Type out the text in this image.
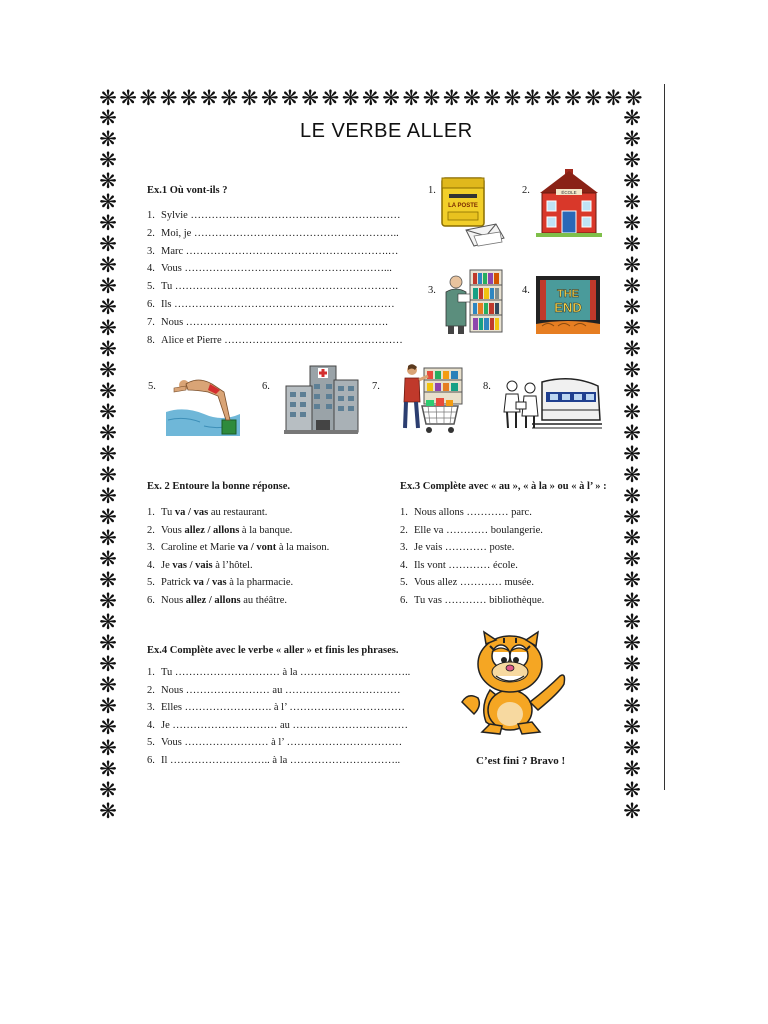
❋ ❋ ❋ ❋ ❋ ❋ ❋ ❋ ❋ ❋ ❋ ❋ ❋ ❋ ❋ ❋ ❋ ❋ ❋ ❋ ❋ ❋ ❋ ❋ ❋ ❋ ❋
❋
❋
❋
❋
❋
❋
❋
❋
❋
❋
❋
❋
❋
❋
❋
❋
❋
❋
❋
❋
❋
❋
❋
❋
❋
❋
❋
❋
❋
❋
❋
❋
❋
❋
❋
❋
❋
❋
❋
❋
❋
❋
❋
❋
❋
❋
❋
❋
❋
❋
❋
❋
❋
❋
❋
❋
❋
❋
❋
❋
❋
❋
❋
❋
❋
❋
❋
❋
LE VERBE ALLER
Ex.1 Où vont-ils ?
1. Sylvie ……………………………………………………
2. Moi, je …………………………………………………..
3. Marc ………………………………………………….…
4. Vous …………………………………………………...
5. Tu ……………………………………………………….
6. Ils ………………………………………………………
7. Nous ………………………………………………….
8. Alice et Pierre ……………………………………………
1.	2.
3.	4.
5.	6.	7.	8.
LA POSTE
ÉCOLE
THE
END
Ex. 2 Entoure la bonne réponse.
1. Tu va / vas au restaurant.
2. Vous allez / allons à la banque.
3. Caroline et Marie va / vont à la maison.
4. Je vas / vais à l’hôtel.
5. Patrick va / vas à la pharmacie.
6. Nous allez / allons au théâtre.
Ex.3 Complète avec « au », « à la » ou « à l’ » :
1. Nous allons ………… parc.
2. Elle va ………… boulangerie.
3. Je vais ………… poste.
4. Ils vont ………… école.
5. Vous allez ………… musée.
6. Tu vas ………… bibliothèque.
Ex.4 Complète avec le verbe « aller » et finis les phrases.
1. Tu ………………………… à la …………………………..
2. Nous …………………… au ……………………………
3. Elles ……………………. à l’ ……………………………
4. Je ………………………… au ……………………………
5. Vous …………………… à l’ ……………………………
6. Il ……………………….. à la …………………………..	C’est fini ? Bravo !
